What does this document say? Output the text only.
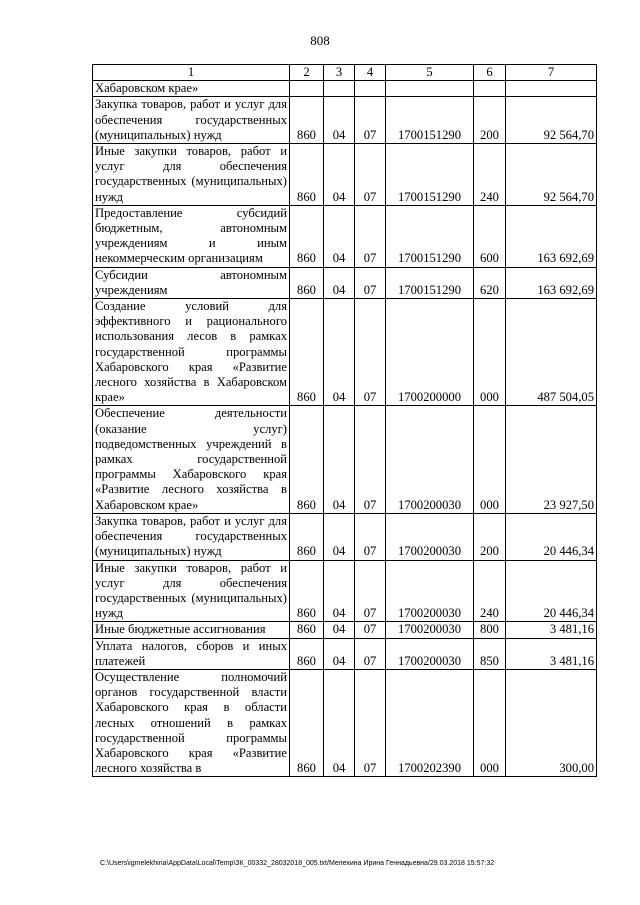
808
1	2	3	4	5	6	7
Хабаровском крае»						
Закупка товаров, работ и услуг для обеспечения государственных (муниципальных) нужд	860	04	07	1700151290	200	92 564,70
Иные закупки товаров, работ и услуг для обеспечения государственных (муниципальных) нужд	860	04	07	1700151290	240	92 564,70
Предоставление субсидий бюджетным, автономным учреждениям и иным некоммерческим организациям	860	04	07	1700151290	600	163 692,69
Субсидии автономным учреждениям	860	04	07	1700151290	620	163 692,69
Создание условий для эффективного и рационального использования лесов в рамках государственной программы Хабаровского края «Развитие лесного хозяйства в Хабаровском крае»	860	04	07	1700200000	000	487 504,05
Обеспечение деятельности (оказание услуг) подведомственных учреждений в рамках государственной программы Хабаровского края «Развитие лесного хозяйства в Хабаровском крае»	860	04	07	1700200030	000	23 927,50
Закупка товаров, работ и услуг для обеспечения государственных (муниципальных) нужд	860	04	07	1700200030	200	20 446,34
Иные закупки товаров, работ и услуг для обеспечения государственных (муниципальных) нужд	860	04	07	1700200030	240	20 446,34
Иные бюджетные ассигнования	860	04	07	1700200030	800	3 481,16
Уплата налогов, сборов и иных платежей	860	04	07	1700200030	850	3 481,16
Осуществление полномочий органов государственной власти Хабаровского края в области лесных отношений в рамках государственной программы Хабаровского края «Развитие лесного хозяйства в	860	04	07	1700202390	000	300,00
C:\Users\igmelekhina\AppData\Local\Temp\ЗК_00332_28032018_005.txt/Мелехина Ирина Геннадьевна/29.03.2018 15:57:32
